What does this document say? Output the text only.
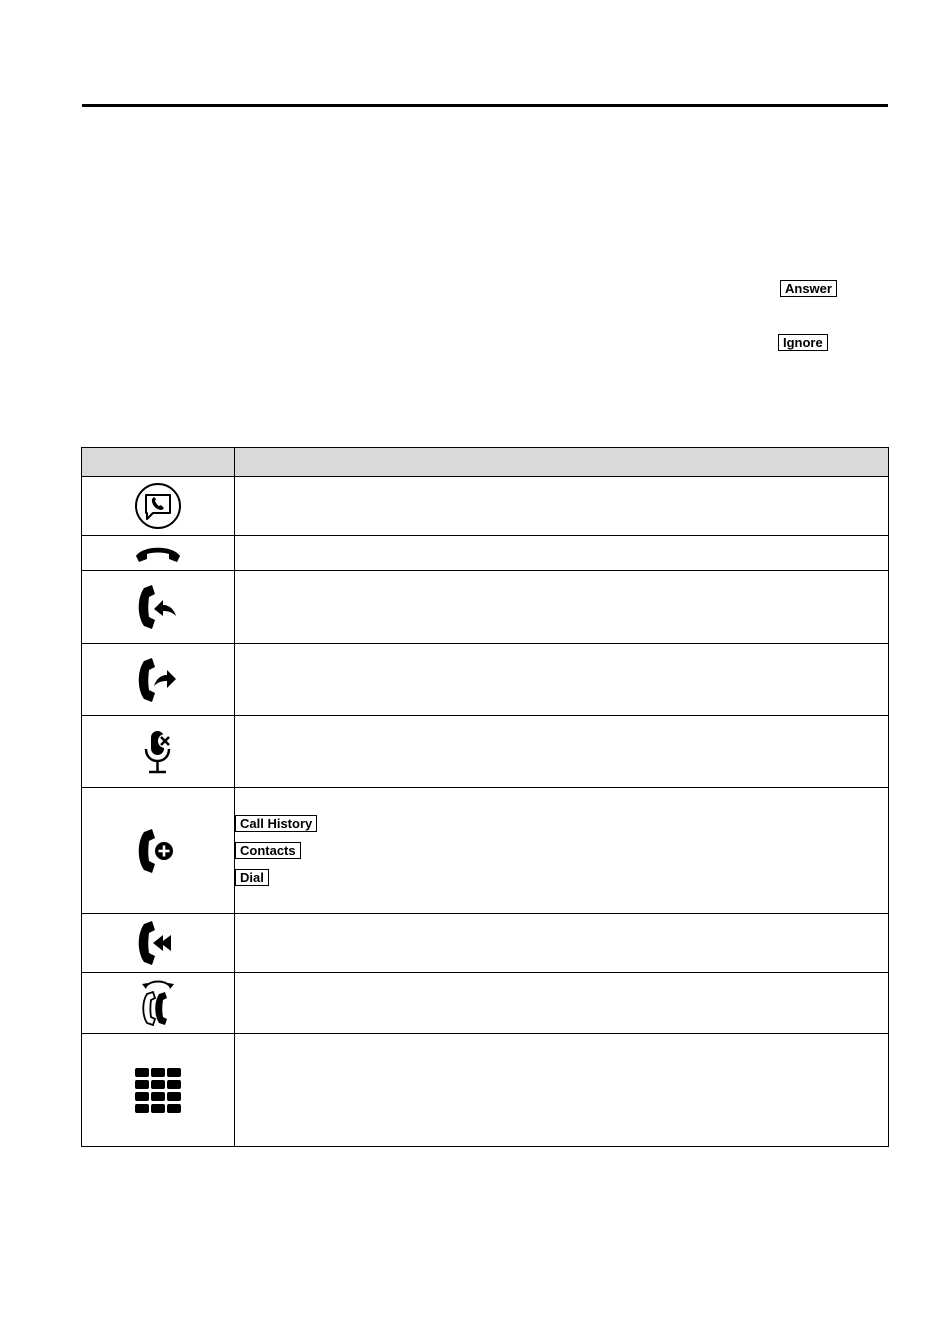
Answer
Ignore

Call History
Contacts
Dial
